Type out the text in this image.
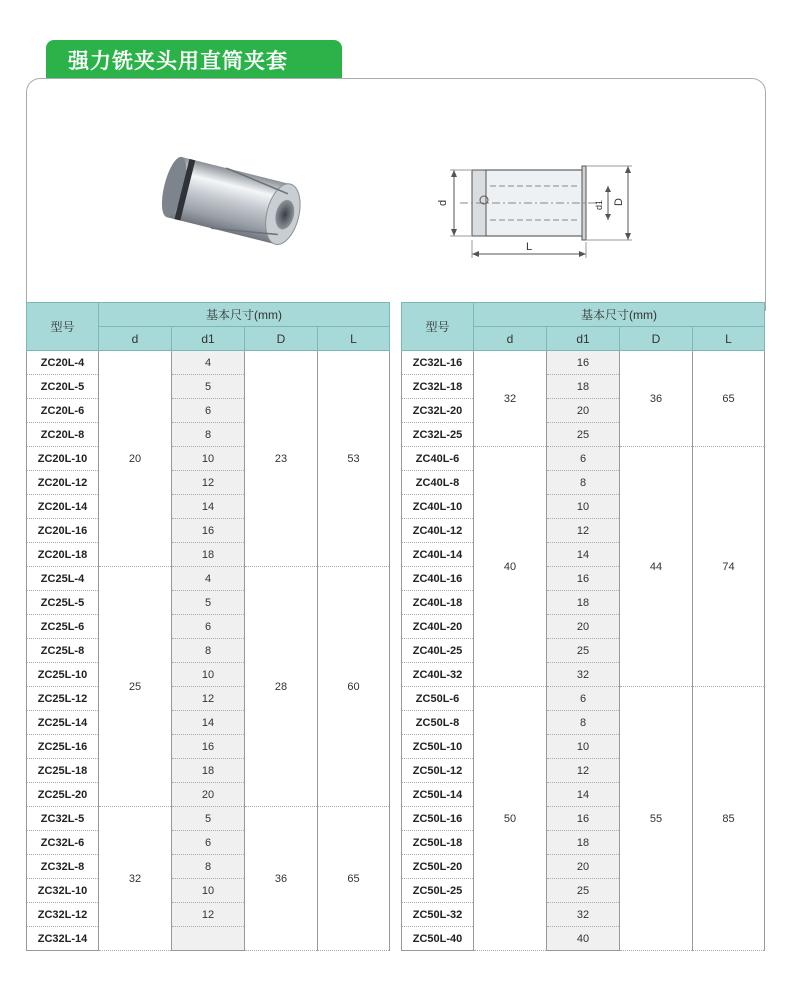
强力铣夹头用直筒夹套
d	d1 D
L
型号	基本尺寸(mm)			
	d	d1	D	L
ZC20L-4	20	4	23	53
ZC20L-5		5		
ZC20L-6		6		
ZC20L-8		8		
ZC20L-10		10		
ZC20L-12		12		
ZC20L-14		14		
ZC20L-16		16		
ZC20L-18		18		
ZC25L-4	25	4	28	60
ZC25L-5		5		
ZC25L-6		6		
ZC25L-8		8		
ZC25L-10		10		
ZC25L-12		12		
ZC25L-14		14		
ZC25L-16		16		
ZC25L-18		18		
ZC25L-20		20		
ZC32L-5	32	5	36	65
ZC32L-6		6		
ZC32L-8		8		
ZC32L-10		10		
ZC32L-12		12		
ZC32L-14				
型号	基本尺寸(mm)			
	d	d1	D	L
ZC32L-16	32	16	36	65
ZC32L-18		18		
ZC32L-20		20		
ZC32L-25		25		
ZC40L-6	40	6	44	74
ZC40L-8		8		
ZC40L-10		10		
ZC40L-12		12		
ZC40L-14		14		
ZC40L-16		16		
ZC40L-18		18		
ZC40L-20		20		
ZC40L-25		25		
ZC40L-32		32		
ZC50L-6	50	6	55	85
ZC50L-8		8		
ZC50L-10		10		
ZC50L-12		12		
ZC50L-14		14		
ZC50L-16		16		
ZC50L-18		18		
ZC50L-20		20		
ZC50L-25		25		
ZC50L-32		32		
ZC50L-40		40		
